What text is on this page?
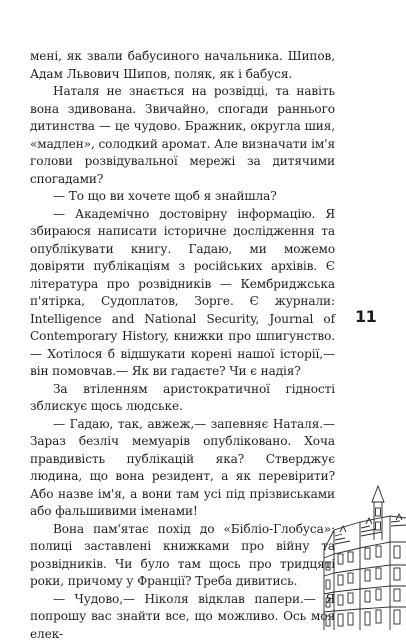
мені, як звали бабусиного начальника. Шипов, Адам Львович Шипов, поляк, як і бабуся.

Наталя не знається на розвідці, та навіть вона здивована. Звичайно, спогади раннього дитинства — це чудово. Бражник, округла шия, «мадлен», солодкий аромат. Але визначати ім'я голови розвідувальної мережі за дитячими спогадами?

— То що ви хочете щоб я знайшла?

— Академічно достовірну інформацію. Я збираюся написати історичне дослідження та опублікувати книгу. Гадаю, ми можемо довіряти публікаціям з російських архівів. Є література про розвідників — Кембриджська п'ятірка, Судоплатов, Зорге. Є журнали: Intelligence and National Security, Journal of Contemporary History, книжки про шпигунство.— Хотілося б відшукати корені нашої історії,— він помовчав.— Як ви гадаєте? Чи є надія?

За втіленням аристократичної гідності зблискує щось людське.

— Гадаю, так, авжеж,— запевняє Наталя.— Зараз безліч мемуарів опубліковано. Хоча правдивість публікацій яка? Стверджує людина, що вона резидент, а як перевірити? Або назве ім'я, а вони там усі під прізвиськами або фальшивими іменами!

Вона пам'ятає похід до «Бiблiо-Глобуса»: полиці заставлені книжками про війну та розвідників. Чи було там щось про тридцяті роки, причому у Франції? Треба дивитись.

— Чудово,— Ніколя відклав папери.— Я попрошу вас знайти все, що можливо. Ось моя елек-

11
